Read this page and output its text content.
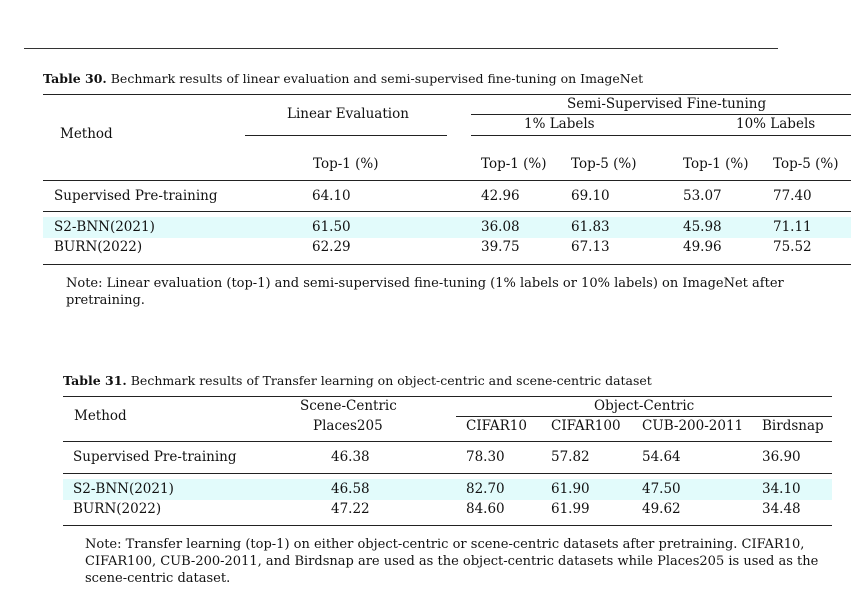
Table 30. Bechmark results of linear evaluation and semi-supervised fine-tuning on ImageNet
Method
Linear Evaluation
Semi-Supervised Fine-tuning
1% Labels	10% Labels
Top-1 (%)	Top-1 (%) Top-5 (%)	Top-1 (%) Top-5 (%)
Supervised Pre-training	64.10	42.96	69.10	53.07	77.40
S2-BNN(2021)	61.50	36.08	61.83	45.98	71.11
BURN(2022)	62.29	39.75	67.13	49.96	75.52
Note: Linear evaluation (top-1) and semi-supervised fine-tuning (1% labels or 10% labels) on ImageNet after
pretraining.
Table 31. Bechmark results of Transfer learning on object-centric and scene-centric dataset
Method
Scene-Centric	Object-Centric
Places205	CIFAR10 CIFAR100 CUB-200-2011 Birdsnap
Supervised Pre-training	46.38	78.30	57.82	54.64	36.90
S2-BNN(2021)	46.58	82.70	61.90	47.50	34.10
BURN(2022)	47.22	84.60	61.99	49.62	34.48
Note: Transfer learning (top-1) on either object-centric or scene-centric datasets after pretraining. CIFAR10,
CIFAR100, CUB-200-2011, and Birdsnap are used as the object-centric datasets while Places205 is used as the
scene-centric dataset.
